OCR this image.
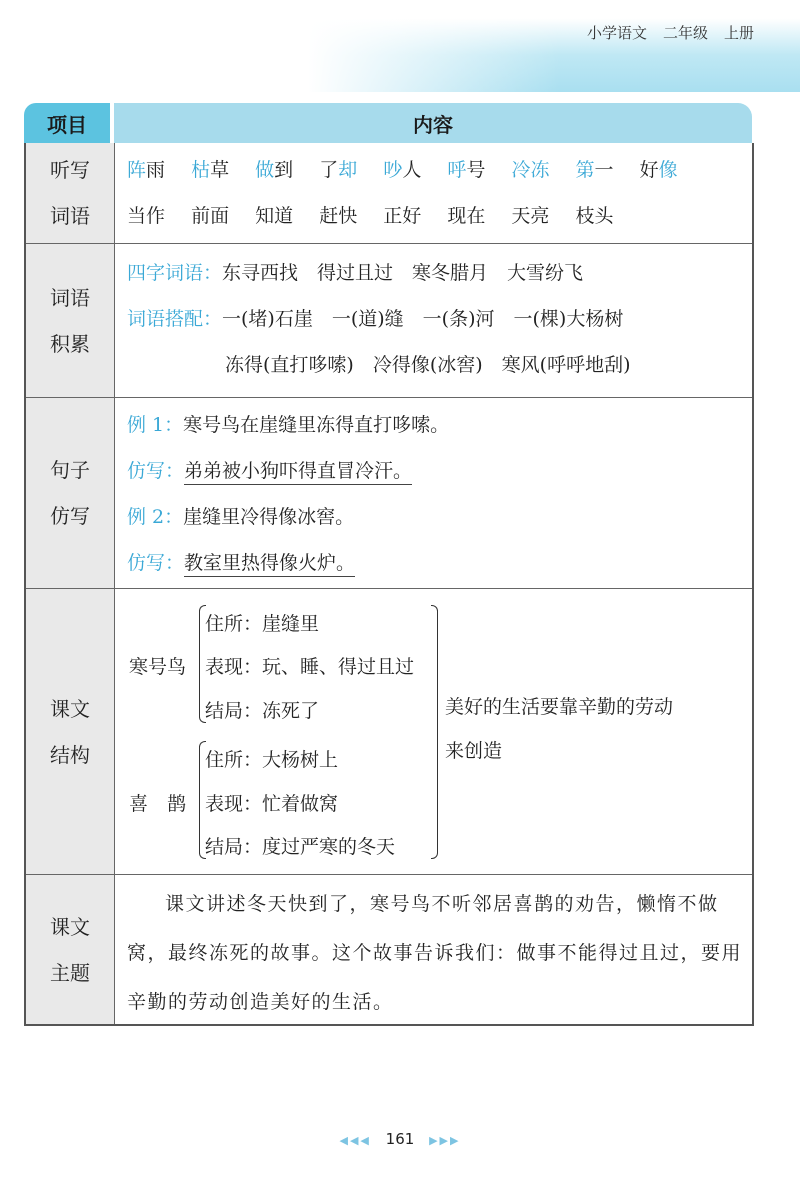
小学语文 二年级 上册
项目	内容
听写
词语
阵雨 枯草 做到 了却 吵人 呼号 冷冻 第一 好像
当作 前面 知道 赶快 正好 现在 天亮 枝头
词语
积累
四字词语：东寻西找　得过且过　寒冬腊月　大雪纷飞
词语搭配：一(堵)石崖　一(道)缝　一(条)河　一(棵)大杨树
冻得(直打哆嗦)　冷得像(冰窖)　寒风(呼呼地刮)
句子
仿写
例 1：寒号鸟在崖缝里冻得直打哆嗦。
仿写：弟弟被小狗吓得直冒冷汗。
例 2：崖缝里冷得像冰窖。
仿写：教室里热得像火炉。
课文
结构
寒号鸟
住所：崖缝里
表现：玩、睡、得过且过
结局：冻死了
喜　鹊
住所：大杨树上
表现：忙着做窝
结局：度过严寒的冬天
美好的生活要靠辛勤的劳动
来创造
课文
主题

课文讲述冬天快到了，寒号鸟不听邻居喜鹊的劝告，懒惰不做窝，最终冻死的故事。这个故事告诉我们：做事不能得过且过，要用辛勤的劳动创造美好的生活。

◀◀◀ 161 ▶▶▶
